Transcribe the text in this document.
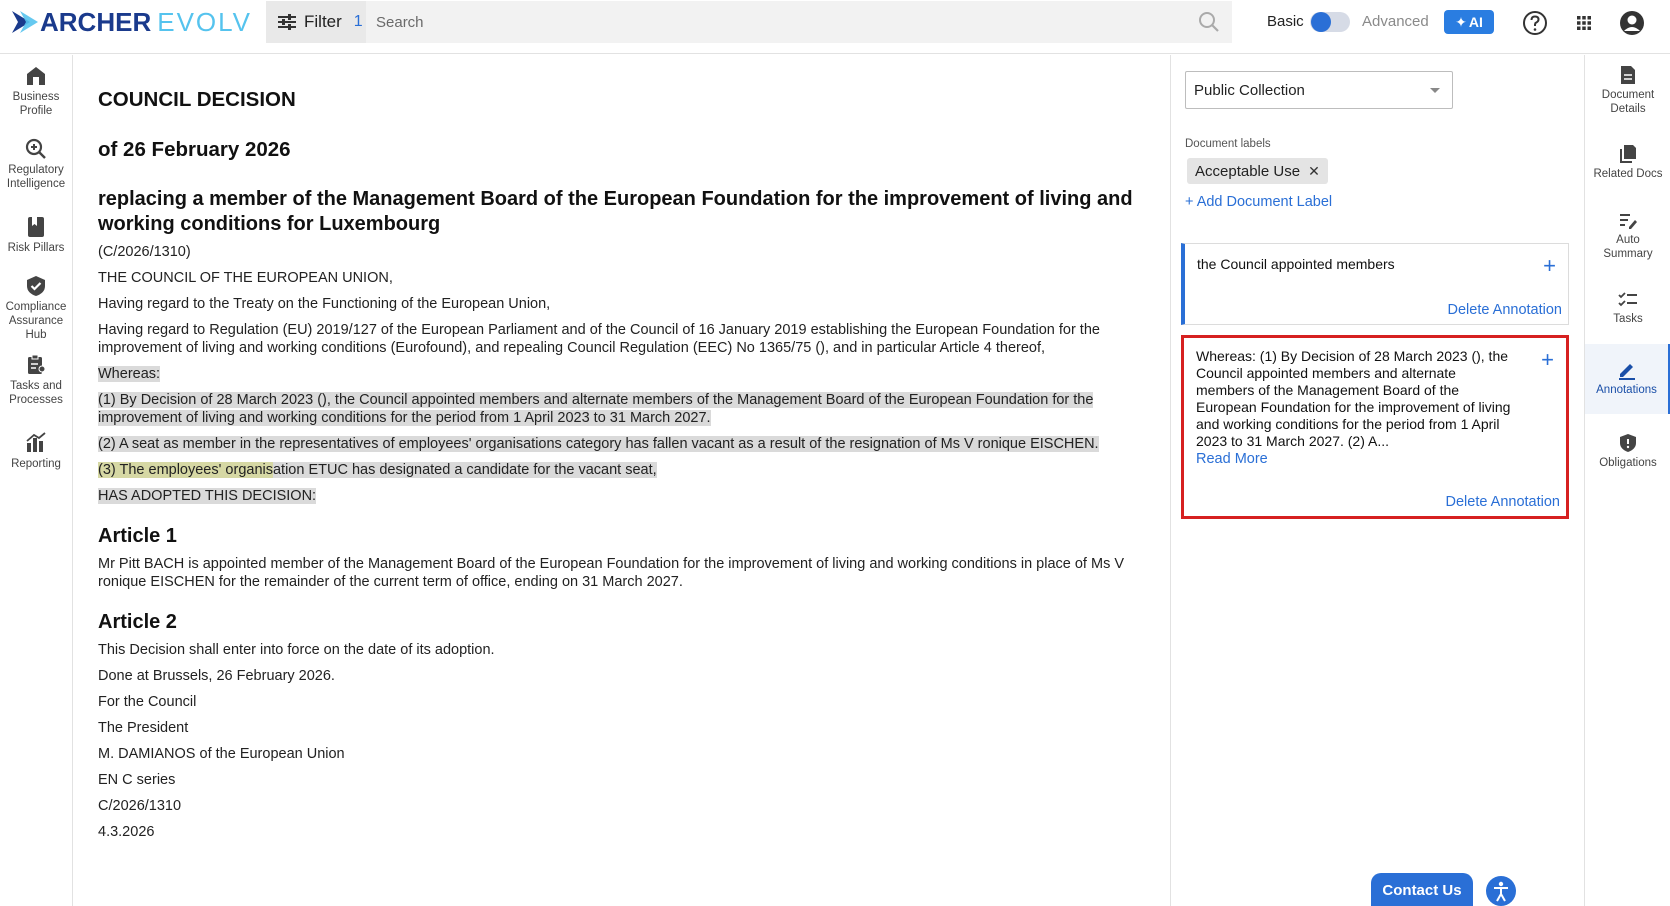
ARCHER EVOLV	Filter 1
Search	Basic	Advanced ✦ AI
Business
Profile
Regulatory
Intelligence
Risk Pillars
Compliance
Assurance
Hub
Tasks and
Processes
Reporting
COUNCIL DECISION
of 26 February 2026
replacing a member of the Management Board of the European Foundation for the improvement of living and working conditions for Luxembourg

(C/2026/1310)

THE COUNCIL OF THE EUROPEAN UNION,

Having regard to the Treaty on the Functioning of the European Union,

Having regard to Regulation (EU) 2019/127 of the European Parliament and of the Council of 16 January 2019 establishing the European Foundation for the improvement of living and working conditions (Eurofound), and repealing Council Regulation (EEC) No 1365/75 (), and in particular Article 4 thereof,

Whereas:

(1) By Decision of 28 March 2023 (), the Council appointed members and alternate members of the Management Board of the European Foundation for the improvement of living and working conditions for the period from 1 April 2023 to 31 March 2027.

(2) A seat as member in the representatives of employees' organisations category has fallen vacant as a result of the resignation of Ms V ronique EISCHEN.

(3) The employees' organisation ETUC has designated a candidate for the vacant seat,

HAS ADOPTED THIS DECISION:

Article 1

Mr Pitt BACH is appointed member of the Management Board of the European Foundation for the improvement of living and working conditions in place of Ms V ronique EISCHEN for the remainder of the current term of office, ending on 31 March 2027.

Article 2

This Decision shall enter into force on the date of its adoption.

Done at Brussels, 26 February 2026.

For the Council

The President

M. DAMIANOS of the European Union

EN C series

C/2026/1310

4.3.2026

Public Collection
Document labels
Acceptable Use ✕
+ Add Document Label
the Council appointed members	+
Delete Annotation
Whereas: (1) By Decision of 28 March 2023 (), the Council appointed members and alternate members of the Management Board of the European Foundation for the improvement of living and working conditions for the period from 1 April 2023 to 31 March 2027. (2) A...
Read More
+
Delete Annotation
Contact Us
Document
Details
Related Docs
Auto
Summary
Tasks
Annotations
Obligations
